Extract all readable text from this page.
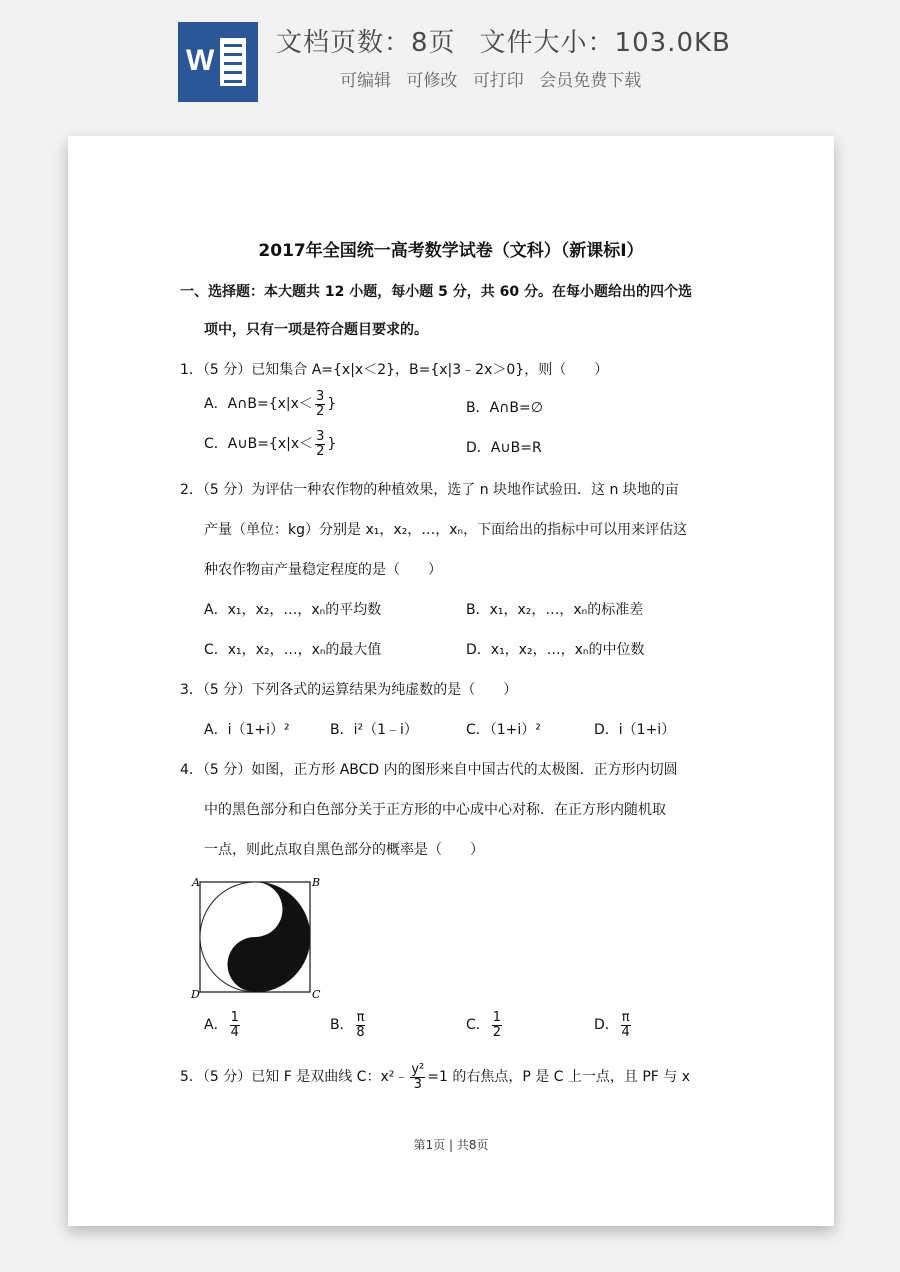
W
文档页数：8页 文件大小：103.0KB
可编辑 可修改 可打印 会员免费下载
2017年全国统一高考数学试卷（文科）（新课标Ⅰ）
一、选择题：本大题共 12 小题，每小题 5 分，共 60 分。在每小题给出的四个选
项中，只有一项是符合题目要求的。
1．（5 分）已知集合 A={x|x＜2}，B={x|3﹣2x＞0}，则（　　）
A．A∩B={x|x＜ $\frac{3}{2}$ }	B．A∩B=∅
C．A∪B={x|x＜ $\frac{3}{2}$ }	D．A∪B=R
2．（5 分）为评估一种农作物的种植效果，选了 n 块地作试验田．这 n 块地的亩
产量（单位：kg）分别是 x₁，x₂，…，xₙ，下面给出的指标中可以用来评估这
种农作物亩产量稳定程度的是（　　）
A．x₁，x₂，…，xₙ的平均数	B．x₁，x₂，…，xₙ的标准差
C．x₁，x₂，…，xₙ的最大值	D．x₁，x₂，…，xₙ的中位数
3．（5 分）下列各式的运算结果为纯虚数的是（　　）
A．i（1+i）²	B．i²（1﹣i）	C．（1+i）²	D．i（1+i）
4．（5 分）如图，正方形 ABCD 内的图形来自中国古代的太极图．正方形内切圆
中的黑色部分和白色部分关于正方形的中心成中心对称．在正方形内随机取
一点，则此点取自黑色部分的概率是（　　）
A	B
C
D
A． $\frac{1}{4}$	B． $\frac{\pi}{8}$	C． $\frac{1}{2}$	D． $\frac{\pi}{4}$
5．（5 分）已知 F 是双曲线 C：x²﹣ $\frac{\text{y²}}{3} =1$ 的右焦点，P 是 C 上一点，且 PF 与 x
第1页 | 共8页
